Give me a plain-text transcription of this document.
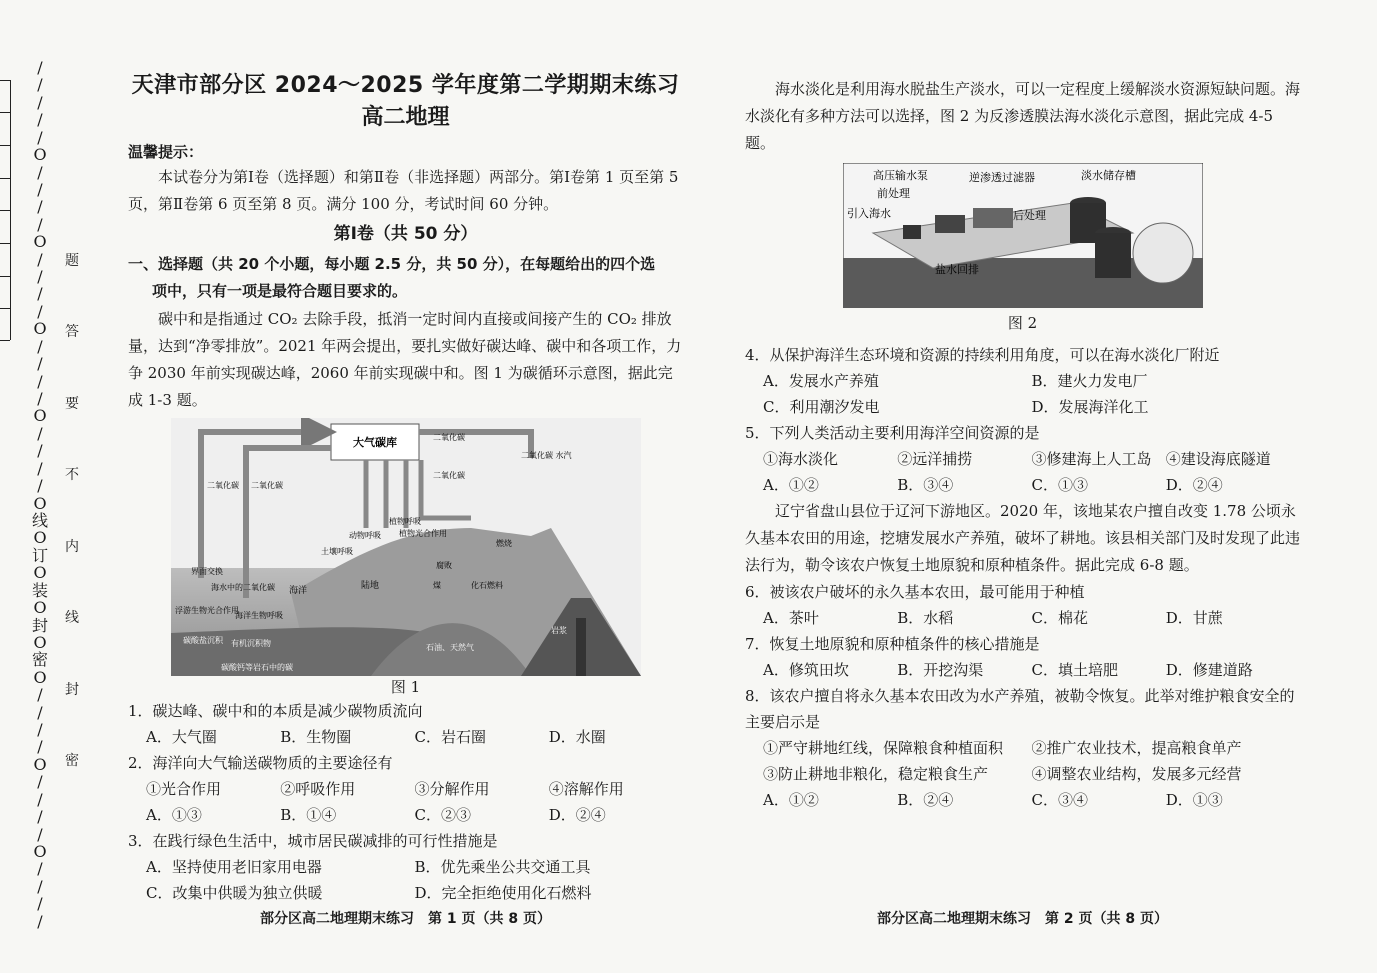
/
/
/
/
/
O
/
/
/
/
O
/
/
/
/
O
/
/
/
/
O
/
/
/
/
O
线
O
订
O
装
O
封
O
密
O
/
/
/
/
O
/
/
/
/
O
/
/
/
/
题
答
要
不
内
线
封
密
天津市部分区 2024～2025 学年度第二学期期末练习
高二地理

温馨提示：

本试卷分为第Ⅰ卷（选择题）和第Ⅱ卷（非选择题）两部分。第Ⅰ卷第 1 页至第 5 页，第Ⅱ卷第 6 页至第 8 页。满分 100 分，考试时间 60 分钟。

第Ⅰ卷（共 50 分）

一、选择题（共 20 个小题，每小题 2.5 分，共 50 分），在每题给出的四个选

项中，只有一项是最符合题目要求的。

碳中和是指通过 CO₂ 去除手段，抵消一定时间内直接或间接产生的 CO₂ 排放量，达到“净零排放”。2021 年两会提出，要扎实做好碳达峰、碳中和各项工作，力争 2030 年前实现碳达峰，2060 年前实现碳中和。图 1 为碳循环示意图，据此完成 1-3 题。

大气碳库	二氧化碳
二氧化碳
二氧化碳 水汽
二氧化碳 二氧化碳
动物呼吸
植物呼吸
植物光合作用
土壤呼吸
燃烧
界面交换
海水中的二氧化碳 海洋	陆地
浮游生物光合作用
海洋生物呼吸
腐败
煤	化石燃料
碳酸盐沉积 有机沉积物	石油、天然气
岩浆
碳酸钙等岩石中的碳

图 1

1．碳达峰、碳中和的本质是减少碳物质流向

A．大气圈	B．生物圈	C．岩石圈	D．水圈

2．海洋向大气输送碳物质的主要途径有

①光合作用	②呼吸作用	③分解作用	④溶解作用
A．①③	B．①④	C．②③	D．②④

3．在践行绿色生活中，城市居民碳减排的可行性措施是

A．坚持使用老旧家用电器	B．优先乘坐公共交通工具
C．改集中供暖为独立供暖	D．完全拒绝使用化石燃料
部分区高二地理期末练习　第 1 页（共 8 页）

海水淡化是利用海水脱盐生产淡水，可以一定程度上缓解淡水资源短缺问题。海水淡化有多种方法可以选择，图 2 为反渗透膜法海水淡化示意图，据此完成 4-5 题。

高压输水泵	逆渗透过滤器	淡水储存槽
前处理
引入海水	后处理
盐水回排

图 2

4．从保护海洋生态环境和资源的持续利用角度，可以在海水淡化厂附近

A．发展水产养殖	B．建火力发电厂
C．利用潮汐发电	D．发展海洋化工

5．下列人类活动主要利用海洋空间资源的是

①海水淡化	②远洋捕捞	③修建海上人工岛 ④建设海底隧道
A．①②	B．③④	C．①③	D．②④

辽宁省盘山县位于辽河下游地区。2020 年，该地某农户擅自改变 1.78 公顷永久基本农田的用途，挖塘发展水产养殖，破坏了耕地。该县相关部门及时发现了此违法行为，勒令该农户恢复土地原貌和原种植条件。据此完成 6-8 题。

6．被该农户破坏的永久基本农田，最可能用于种植

A．茶叶	B．水稻	C．棉花	D．甘蔗

7．恢复土地原貌和原种植条件的核心措施是

A．修筑田坎	B．开挖沟渠	C．填土培肥	D．修建道路

8．该农户擅自将永久基本农田改为水产养殖，被勒令恢复。此举对维护粮食安全的主要启示是

①严守耕地红线，保障粮食种植面积	②推广农业技术，提高粮食单产
③防止耕地非粮化，稳定粮食生产	④调整农业结构，发展多元经营
A．①②	B．②④	C．③④	D．①③
部分区高二地理期末练习　第 2 页（共 8 页）
